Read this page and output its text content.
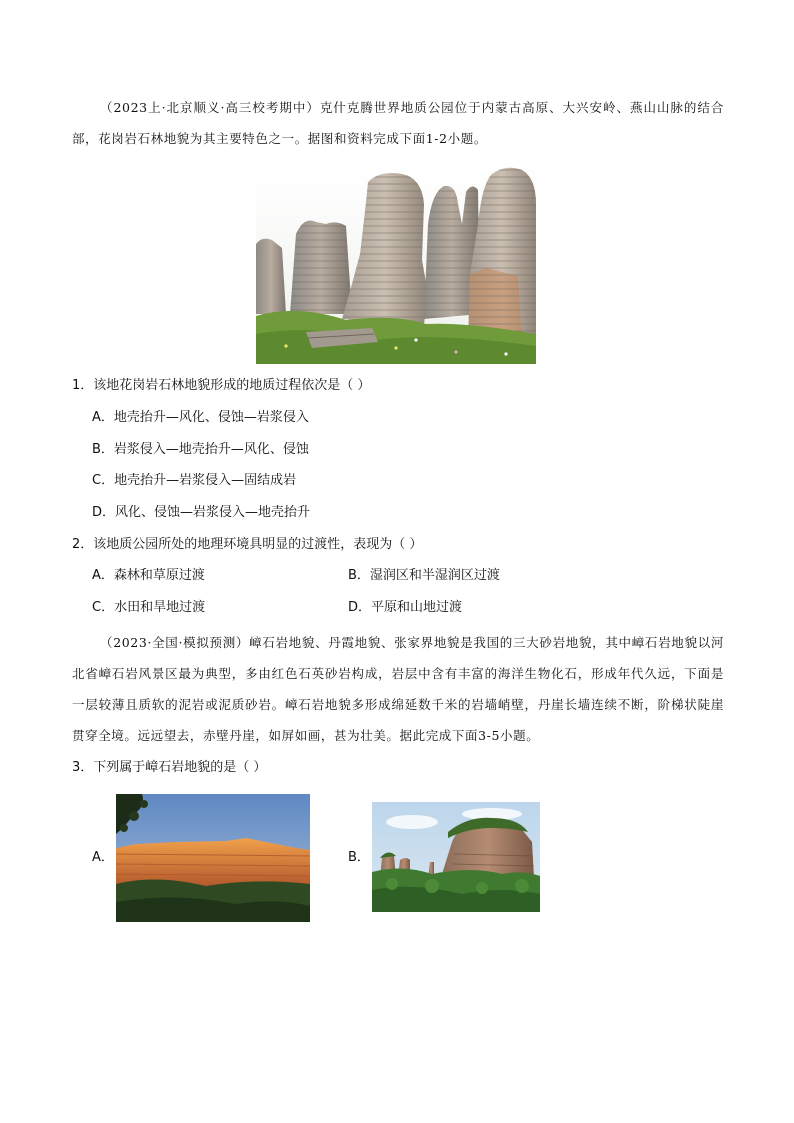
（2023上·北京顺义·高三校考期中）克什克腾世界地质公园位于内蒙古高原、大兴安岭、燕山山脉的结合部，花岗岩石林地貌为其主要特色之一。据图和资料完成下面1-2小题。
1．该地花岗岩石林地貌形成的地质过程依次是（ ）
A．地壳抬升—风化、侵蚀—岩浆侵入
B．岩浆侵入—地壳抬升—风化、侵蚀
C．地壳抬升—岩浆侵入—固结成岩
D．风化、侵蚀—岩浆侵入—地壳抬升
2．该地质公园所处的地理环境具明显的过渡性，表现为（ ）
A．森林和草原过渡	B．湿润区和半湿润区过渡
C．水田和旱地过渡	D．平原和山地过渡
（2023·全国·模拟预测）嶂石岩地貌、丹霞地貌、张家界地貌是我国的三大砂岩地貌，其中嶂石岩地貌以河北省嶂石岩风景区最为典型，多由红色石英砂岩构成，岩层中含有丰富的海洋生物化石，形成年代久远，下面是一层较薄且质软的泥岩或泥质砂岩。嶂石岩地貌多形成绵延数千米的岩墙峭壁，丹崖长墙连续不断，阶梯状陡崖贯穿全境。远远望去，赤壁丹崖，如屏如画，甚为壮美。据此完成下面3-5小题。
3．下列属于嶂石岩地貌的是（ ）
A．	B．
